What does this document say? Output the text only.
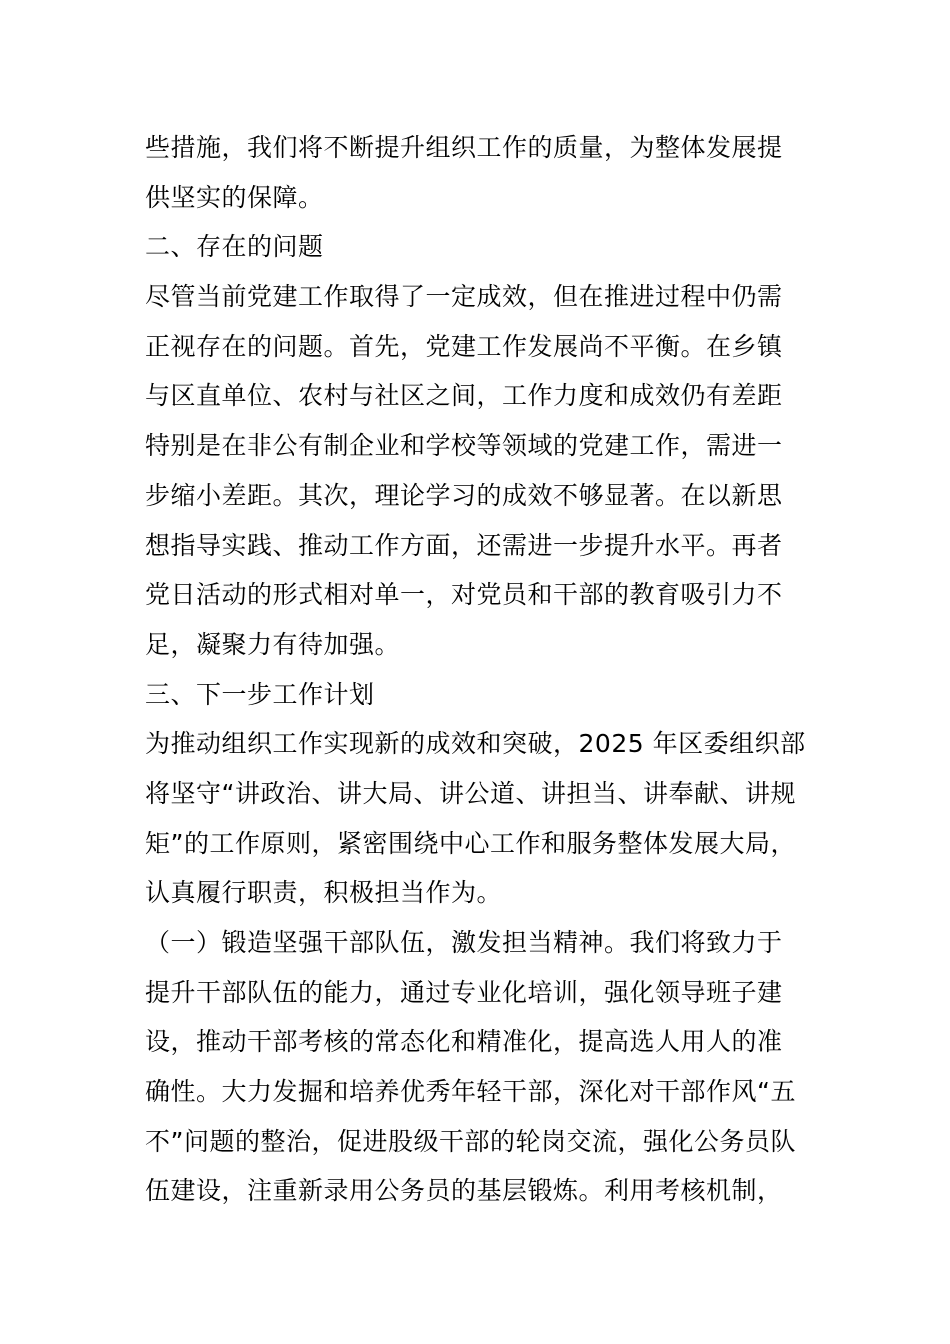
些措施，我们将不断提升组织工作的质量，为整体发展提
供坚实的保障。
二、存在的问题
尽管当前党建工作取得了一定成效，但在推进过程中仍需
正视存在的问题。首先，党建工作发展尚不平衡。在乡镇
与区直单位、农村与社区之间，工作力度和成效仍有差距
特别是在非公有制企业和学校等领域的党建工作，需进一
步缩小差距。其次，理论学习的成效不够显著。在以新思
想指导实践、推动工作方面，还需进一步提升水平。再者
党日活动的形式相对单一，对党员和干部的教育吸引力不
足，凝聚力有待加强。
三、下一步工作计划
为推动组织工作实现新的成效和突破，2025 年区委组织部
将坚守“讲政治、讲大局、讲公道、讲担当、讲奉献、讲规
矩”的工作原则，紧密围绕中心工作和服务整体发展大局，
认真履行职责，积极担当作为。
（一）锻造坚强干部队伍，激发担当精神。我们将致力于
提升干部队伍的能力，通过专业化培训，强化领导班子建
设，推动干部考核的常态化和精准化，提高选人用人的准
确性。大力发掘和培养优秀年轻干部，深化对干部作风“五
不”问题的整治，促进股级干部的轮岗交流，强化公务员队
伍建设，注重新录用公务员的基层锻炼。利用考核机制，
